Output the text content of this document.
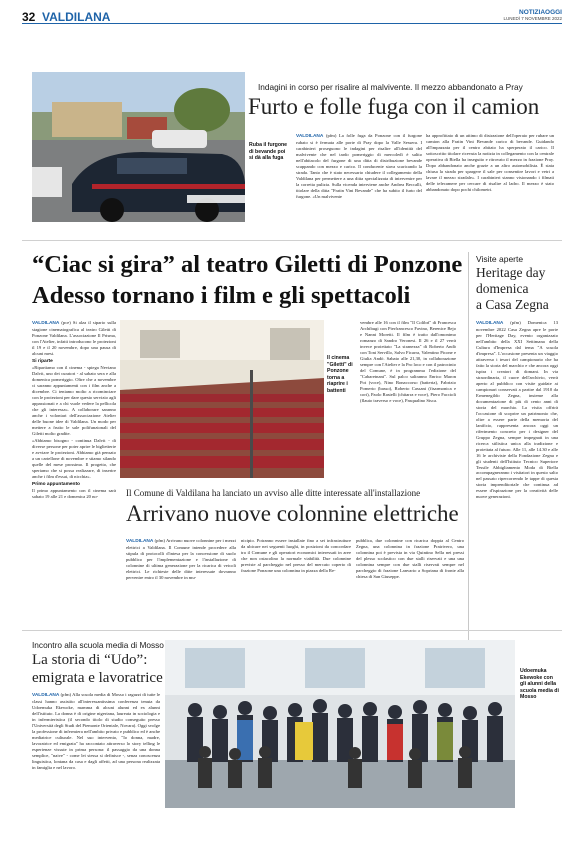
32 VALDILANA	NOTIZIAOGGI
LUNEDÌ 7 NOVEMBRE 2022
Indagini in corso per risalire al malvivente. Il mezzo abbandonato a Pray
Furto e folle fuga con il camion
Ruba il furgone di bevande poi si dà alla fuga

VALDILANA (pfm) La folle fuga da Ponzone con il furgone rubato si è fermata alle porte di Pray dopo la Valle Sessera. I carabinieri proseguono le indagini per risalire all'identità del malvivente che nel tardo pomeriggio di mercoledì è salito nell'abitacolo del furgone di una ditta di distribuzione bevande scappando con mezzo e carico. Il conducente stava scaricando la strada. Tanto che è stato necessario chiudere il collegamento della Valdilana per permettere a una ditta specializzata di intervenire per la corretta pulizia. Sulla vicenda interviene anche Andrea Beccalli, titolare della ditta "Fratin Vini Bevande" che ha subito il furto del furgone. «Un malvivente

ha approfittato di un attimo di distrazione dell'operaio per rubare un camion alla Fratin Vini Bevande carico di bevande. Guidando all'impazzata per il centro abitato ha sperperato il carico. Il sottoscritto titolare ricevuta la notizia in collegamento con la centrale operativa di Biella ha inseguito e ritrovato il mezzo in frazione Pray. Dopo abbandonato anche grazie a un altro automobilista. È stata chiusa la strada per spargere il sale per consentire lavori e vetri a lavare il mezzo stradale». I carabinieri stanno visionando i filmati delle telecamere per cercare di risalire al ladro. Il mezzo è stato abbandonato dopo pochi chilometri.

“Ciac si gira” al teatro Giletti di Ponzone
Adesso tornano i film e gli spettacoli

VALDILANA (pce) Si alza il sipario sulla stagione cinematografica al teatro Giletti di Ponzone Valdilana. L'associazione Il Prisma, con l'Atelier, infatti introducono le proiezioni il 19 e il 20 novembre, dopo una pausa di alcuni mesi.

Si riparte

«Ripartiamo con il cinema - spiega Neviano Dalvit, uno dei curatori - al sabato sera e alla domenica pomeriggio. Oltre che a novembre ci saranno appuntamenti con i film anche a dicembre. Ci teniamo molto a ricominciare con le proiezioni per dare questo servizio agli appassionati e a chi vuole vedere la pellicola che gli interessa». A collaborare saranno anche i volontari dell'associazione Atelier delle buone idee di Valdilana. Un modo per mettere a frutto le sale polifunzionali del Giletti molto gradite.

«Abbiamo bisogno - continua Dalvit - di diverse persone per poter aprire le biglietterie e avviare le proiezioni. Abbiamo già pensato a un cartellone di novembre e stiamo silando quelle del mese prossimo. Il progetto, che speriamo che si possa realizzare, di inserire anche i film d'essai, di nicchia».

Primo appuntamento

Il primo appuntamento con il cinema sarà sabato 19 alle 21 e domenica 20 no-

Il cinema "Giletti" di Ponzone torna a riaprire i battenti

vembre alle 16 con il film "Il Colibrì" di Francesca Archibugi con Pierfrancesco Favino, Berenice Bejo e Nanni Moretti. Il film è tratto dall'omonimo romanzo di Sandro Veronesi. Il 26 e il 27 verrà invece proiettato "La stranezza" di Roberto Andò con Toni Servillo, Salvo Ficarra, Valentino Picone e Giulia Andò. Sabato alle 21,30, in collaborazione sempre con l'Atelier e la Pro loco e con il patrocinio del Comune, è in programma l'edizione del "Cabaretnant". Sul palco saliranno Enrico Maron Pot (voce), Nino Bonaccorso (batteria), Fabrizio Pomerio (basso), Roberto Cassani (fisarmonica e cori), Paolo Rastelli (chitarra e voce), Piero Faccioli (flauto traverso e voce), Pasqualino Sisca.

Visite aperte
Heritage day
domenica
a Casa Zegna

VALDILANA (pfm) Domenica 13 novembre 2022 Casa Zegna apre le porte per l'Heritage Day, evento organizzato nell'ambito della XXI Settimana della Cultura d'Impresa dal tema "A scuola d'impresa". L'occasione presenta un viaggio attraverso i tesori del campionario che ha fatto la storia del marchio e che ancora oggi ispira i creatori di domani. In via straordinaria, il cuore dell'archivio, verrà aperto al pubblico con visite guidate ai campionari conservati a partire dal 1910 da Ermenegildo Zegna, insieme alla documentazione di più di cento anni di storia del marchio. La visita offrirà l'occasione di scoprire un patrimonio che, oltre a essere parte della memoria del lanificio, rappresenta ancora oggi un riferimento concreto per i designer del Gruppo Zegna, sempre impegnati in una ricerca stilistica unica alla tradizione e proiettata al futuro. Alle 11, alle 14.30 e alle 16 le archiviste della Fondazione Zegna e gli studenti dell'Istituto Tecnico Superiore Tessile Abbigliamento Moda di Biella accompagneranno i visitatori in questo salto nel passato ripercorrendo le tappe di questa storia imprenditoriale che continua ad essere d'ispirazione per la creatività delle nuove generazioni.

Il Comune di Valdilana ha lanciato un avviso alle ditte interessate all'installazione
Arrivano nuove colonnine elettriche

VALDILANA (pfm) Arrivano nuove colonnine per i mezzi elettrici a Valdilana. Il Comune intende procedere alla stipula di protocolli d'intesa per la concessione di suolo pubblico per l'implementazione e l'installazione di colonnine di ultima generazione per la ricarica di veicoli elettrici. Le richieste delle ditte interessate dovranno pervenire entro il 30 novembre in mu-

nicipio. Potranno essere installate fino a sei infrastrutture da ubicare nei seguenti luoghi, in posizioni da concordare tra il Comune e gli operatori economici interessati in aree che non ostacolino la normale viabilità. Due colonnine previste al parcheggio nel presso del mercato coperto di frazione Ponzone una colonnina in piazza della Re-

pubblica, due colonnine con ricarica doppia al Centro Zegna, una colonnina in frazione Pratrivero, una colonnina poi è prevista in via Quintino Sella nei pressi del plesso scolastico con due stalli riservati e una una colonnina sempre con due stalli riservati sempre nel parcheggio di frazione Lanvario a Sopriana di fronte alla chiesa di San Giuseppe.

Incontro alla scuola media di Mosso
La storia di “Udo”:
emigrata e lavoratrice

VALDILANA (pfm) Alla scuola media di Mosso i ragazzi di tutte le classi hanno assistito all'interessantissima conferenza tenuta da Udoemuka Ekewoke, mamma di alcuni alunni ed ex alunni dell'istituto. La donna è di origine nigeriana, laureata in sociologia e in infermieristica (il secondo titolo di studio conseguito presso l'Università degli Studi del Piemonte Orientale, Novara). Oggi svolge la professione di infermiera nell'ambito privato e pubblico ed è anche mediatrice culturale. Nel suo intervento, "Io donna, madre, lavoratrice ed emigrata" ha raccontato attraverso lo story telling le esperienze vissute in prima persona: il passaggio da una donna semplice, "naive" - come lei stessa si definisce -, senza conoscenza linguistica, lontana da casa e dagli affetti, ad una persona realizzata in famiglia e nel lavoro.

Udoemuka Ekewoke con gli alunni della scuola media di Mosso
